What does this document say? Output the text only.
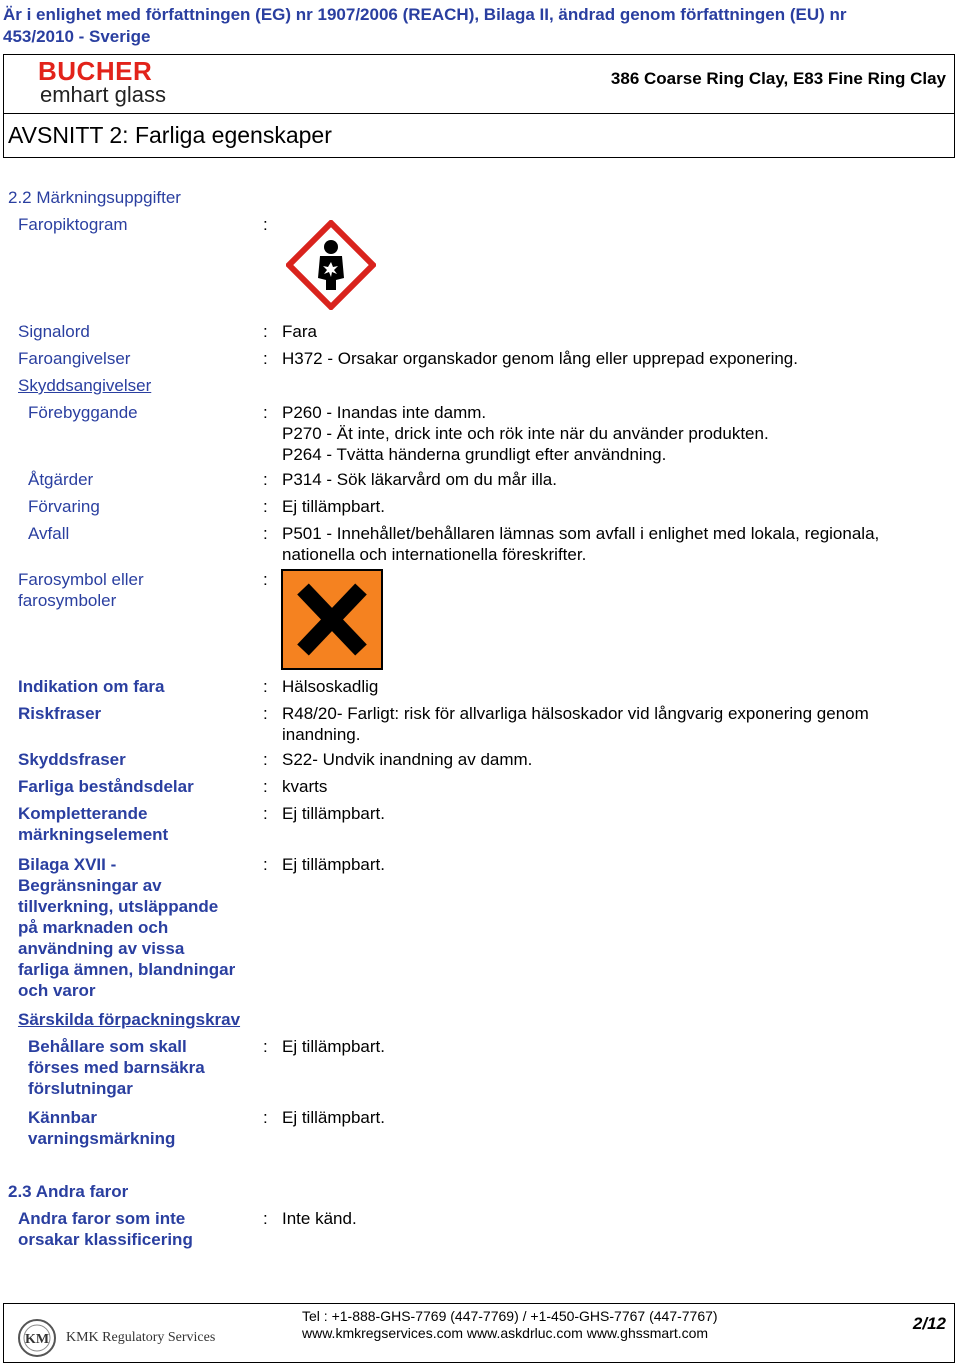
Är i enlighet med författningen (EG) nr 1907/2006 (REACH), Bilaga II, ändrad genom författningen (EU) nr
453/2010 - Sverige
BUCHER
emhart glass
386 Coarse Ring Clay, E83 Fine Ring Clay
AVSNITT 2: Farliga egenskaper
2.2 Märkningsuppgifter
Faropiktogram	:
Signalord	: Fara
Faroangivelser	: H372 - Orsakar organskador genom lång eller upprepad exponering.
Skyddsangivelser
Förebyggande	: P260 - Inandas inte damm.
P270 - Ät inte, drick inte och rök inte när du använder produkten.
P264 - Tvätta händerna grundligt efter användning.
Åtgärder	: P314 - Sök läkarvård om du mår illa.
Förvaring	: Ej tillämpbart.
Avfall	: P501 - Innehållet/behållaren lämnas som avfall i enlighet med lokala, regionala,
nationella och internationella föreskrifter.
Farosymbol eller
farosymboler
:
Indikation om fara	: Hälsoskadlig
Riskfraser	: R48/20- Farligt: risk för allvarliga hälsoskador vid långvarig exponering genom
inandning.
Skyddsfraser	: S22- Undvik inandning av damm.
Farliga beståndsdelar	: kvarts
Kompletterande
märkningselement
: Ej tillämpbart.
Bilaga XVII -
Begränsningar av
tillverkning, utsläppande
på marknaden och
användning av vissa
farliga ämnen, blandningar
och varor
: Ej tillämpbart.
Särskilda förpackningskrav
Behållare som skall
förses med barnsäkra
förslutningar
: Ej tillämpbart.
Kännbar
varningsmärkning
: Ej tillämpbart.
2.3 Andra faror
Andra faror som inte
orsakar klassificering
: Inte känd.
KM KMK Regulatory Services
Tel : +1-888-GHS-7769 (447-7769) / +1-450-GHS-7767 (447-7767)
www.kmkregservices.com www.askdrluc.com www.ghssmart.com	2/12
